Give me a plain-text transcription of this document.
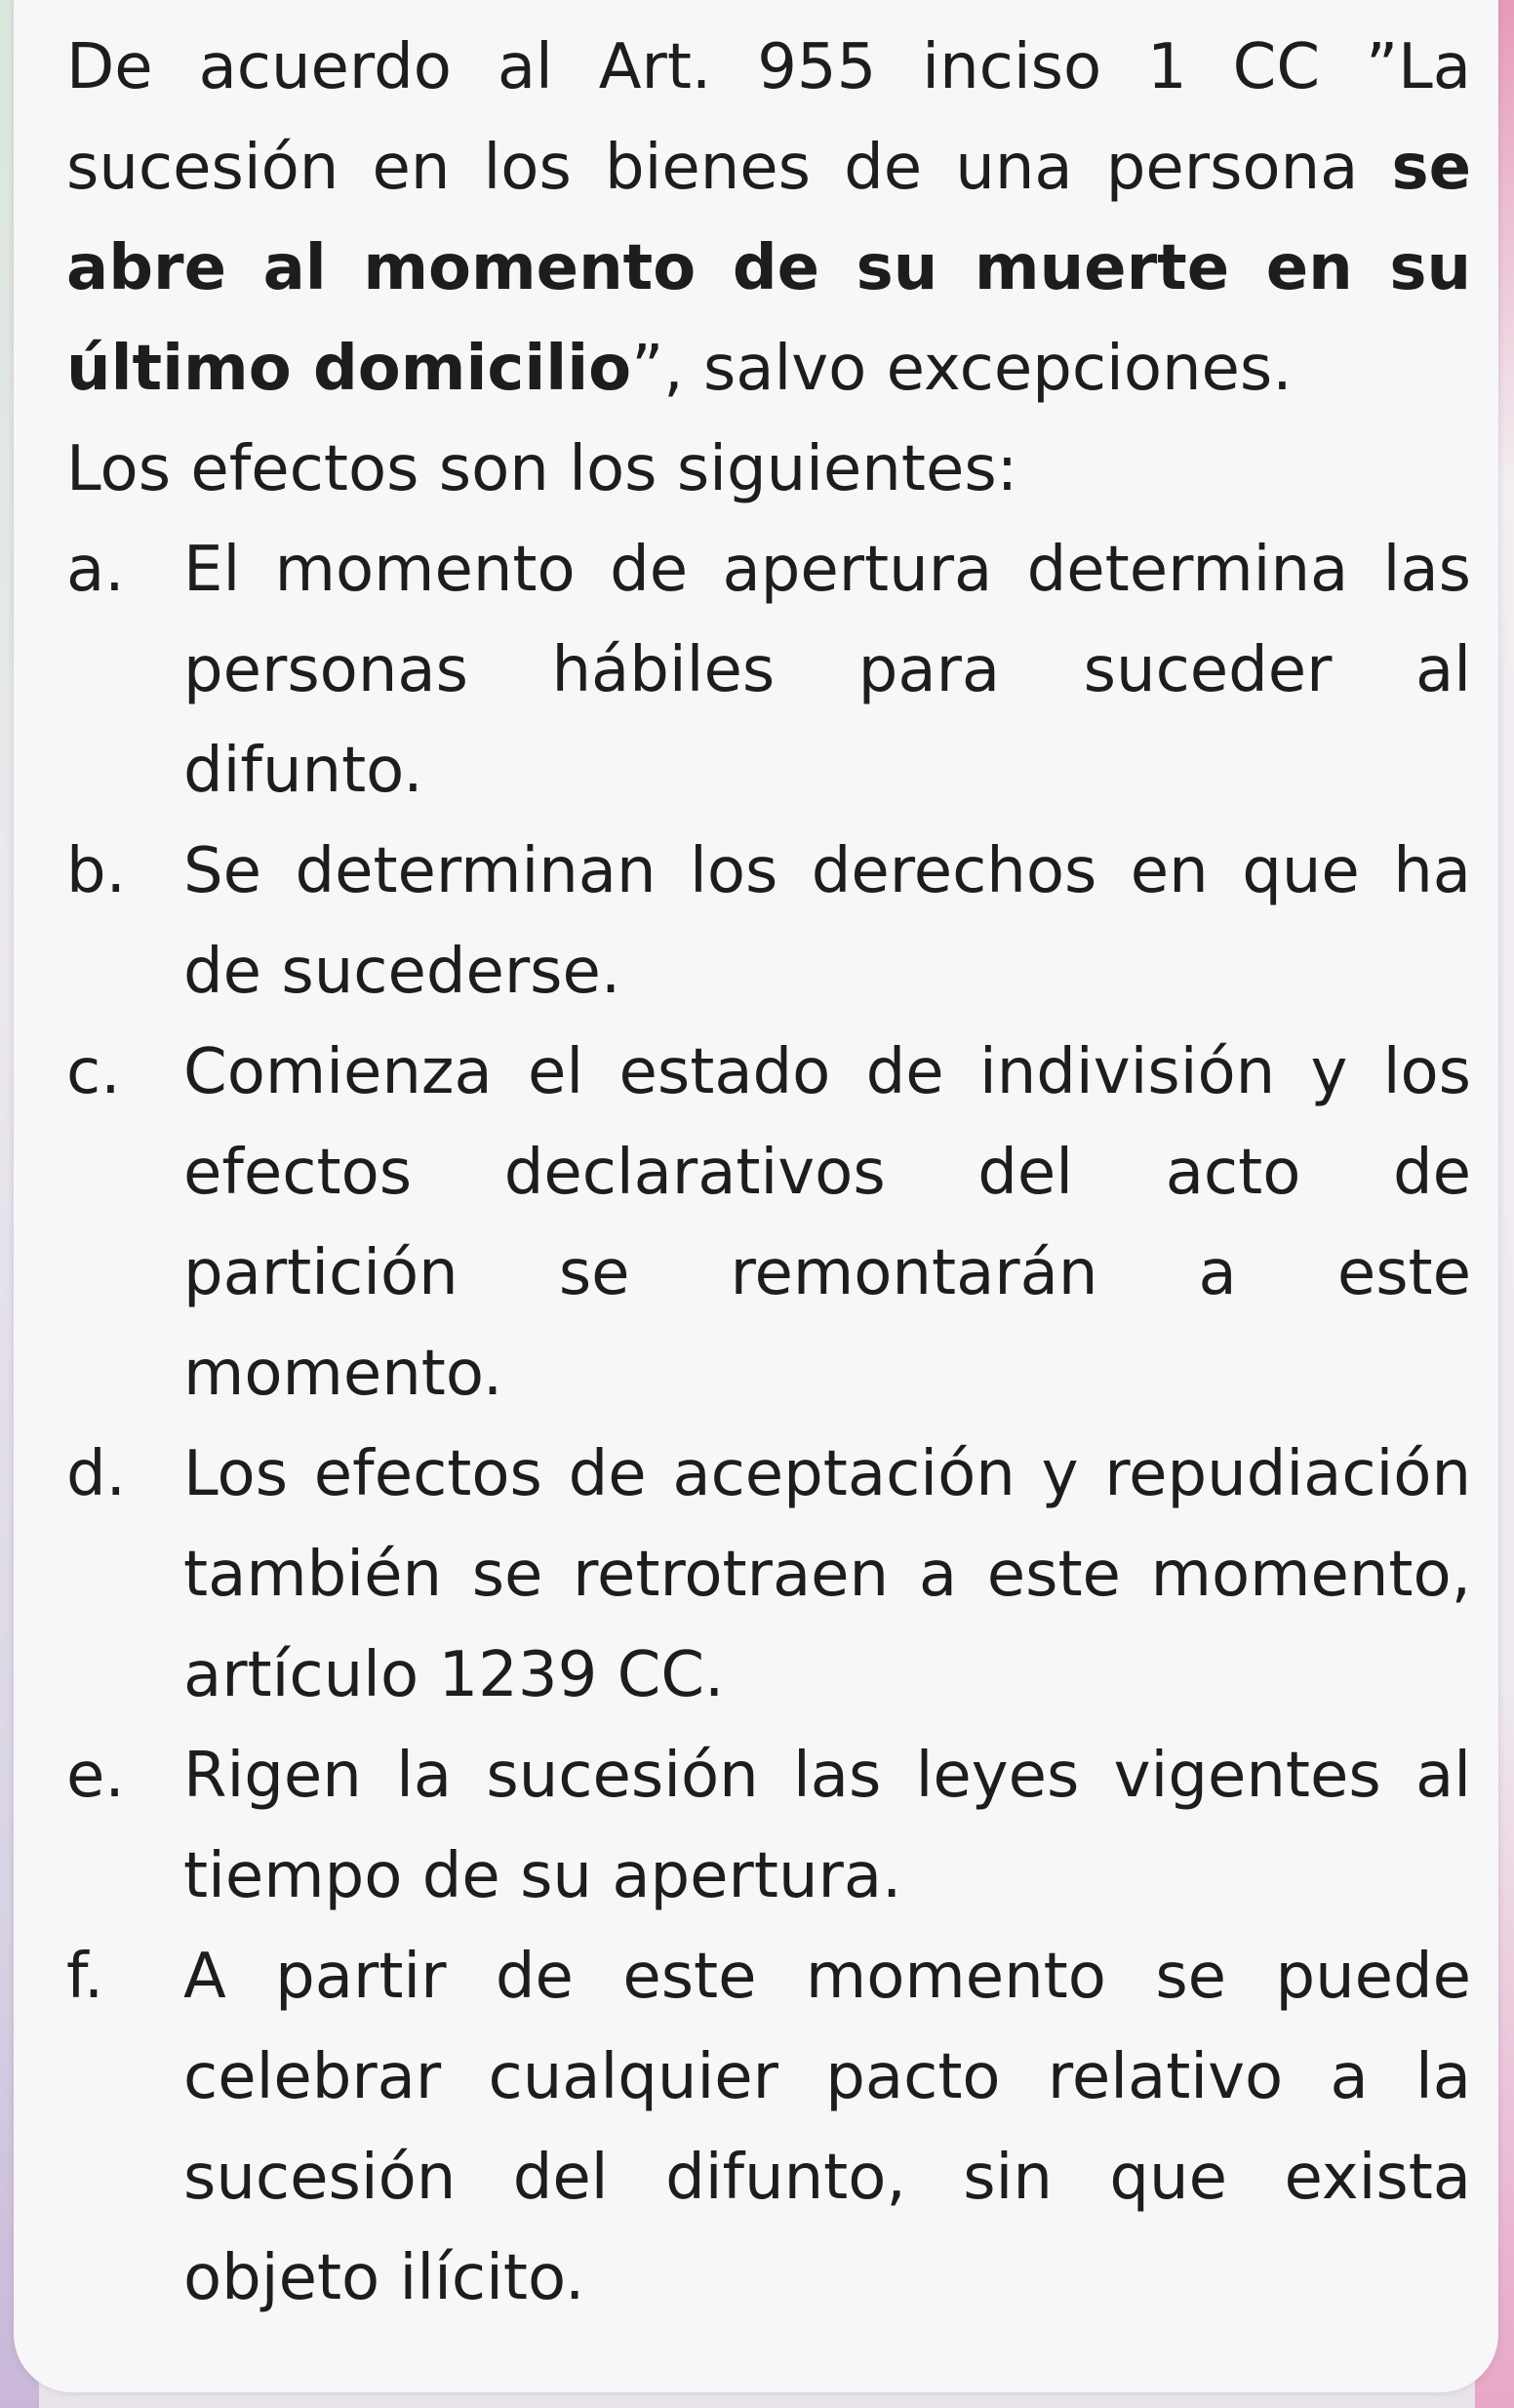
De acuerdo al Art. 955 inciso 1 CC ”La sucesión en los bienes de una persona se abre al momento de su muerte en su último domicilio”, salvo excepciones.

Los efectos son los siguientes:

a. El momento de apertura determina las personas hábiles para suceder al difunto.
b. Se determinan los derechos en que ha de sucederse.
c. Comienza el estado de indivisión y los efectos declarativos del acto de partición se remontarán a este momento.
d. Los efectos de aceptación y repudiación también se retrotraen a este momento, artículo 1239 CC.
e. Rigen la sucesión las leyes vigentes al tiempo de su apertura.
f. A partir de este momento se puede celebrar cualquier pacto relativo a la sucesión del difunto, sin que exista objeto ilícito.
